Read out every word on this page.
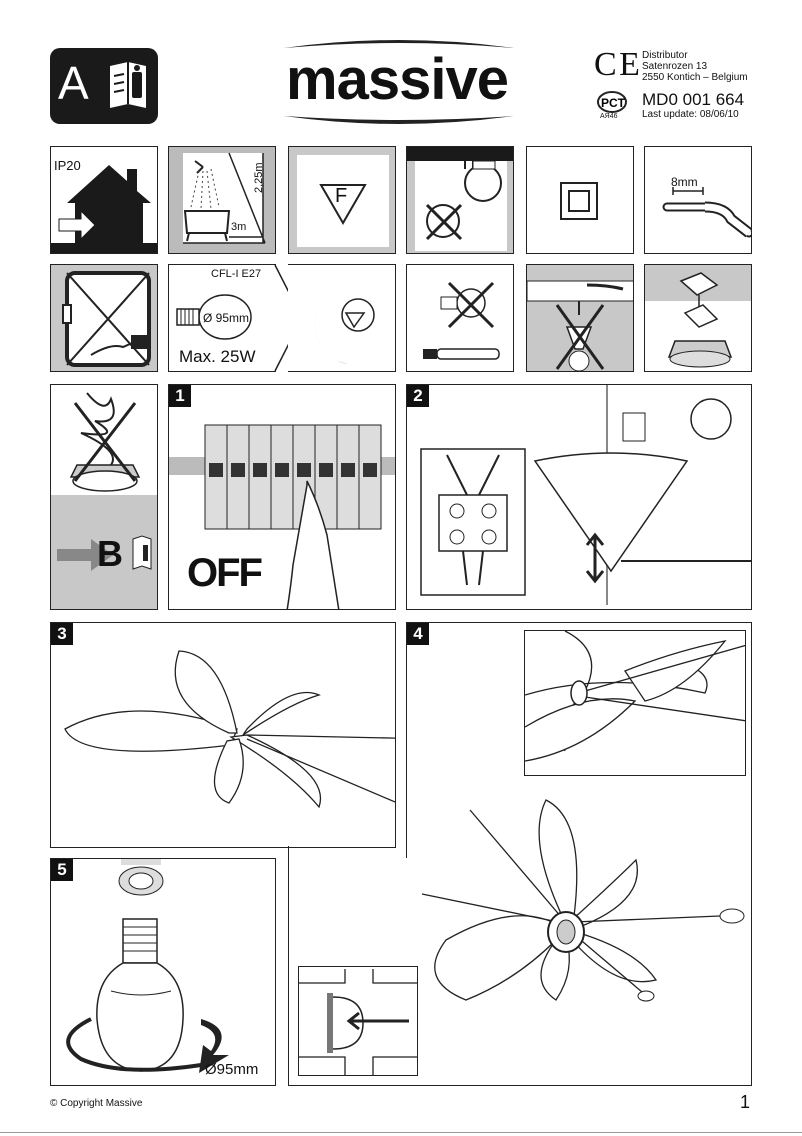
A	massive	C E Distributor
Satenrozen 13
2550 Kontich – Belgium
PCT
AЯ46
MD0 001 664
Last update: 08/06/10
IP20	2,25m
3m
F
8mm
CFL-I E27
Ø 95mm
Max. 25W
B
1
OFF
2
3	4
5
Ø95mm
© Copyright Massive	1
